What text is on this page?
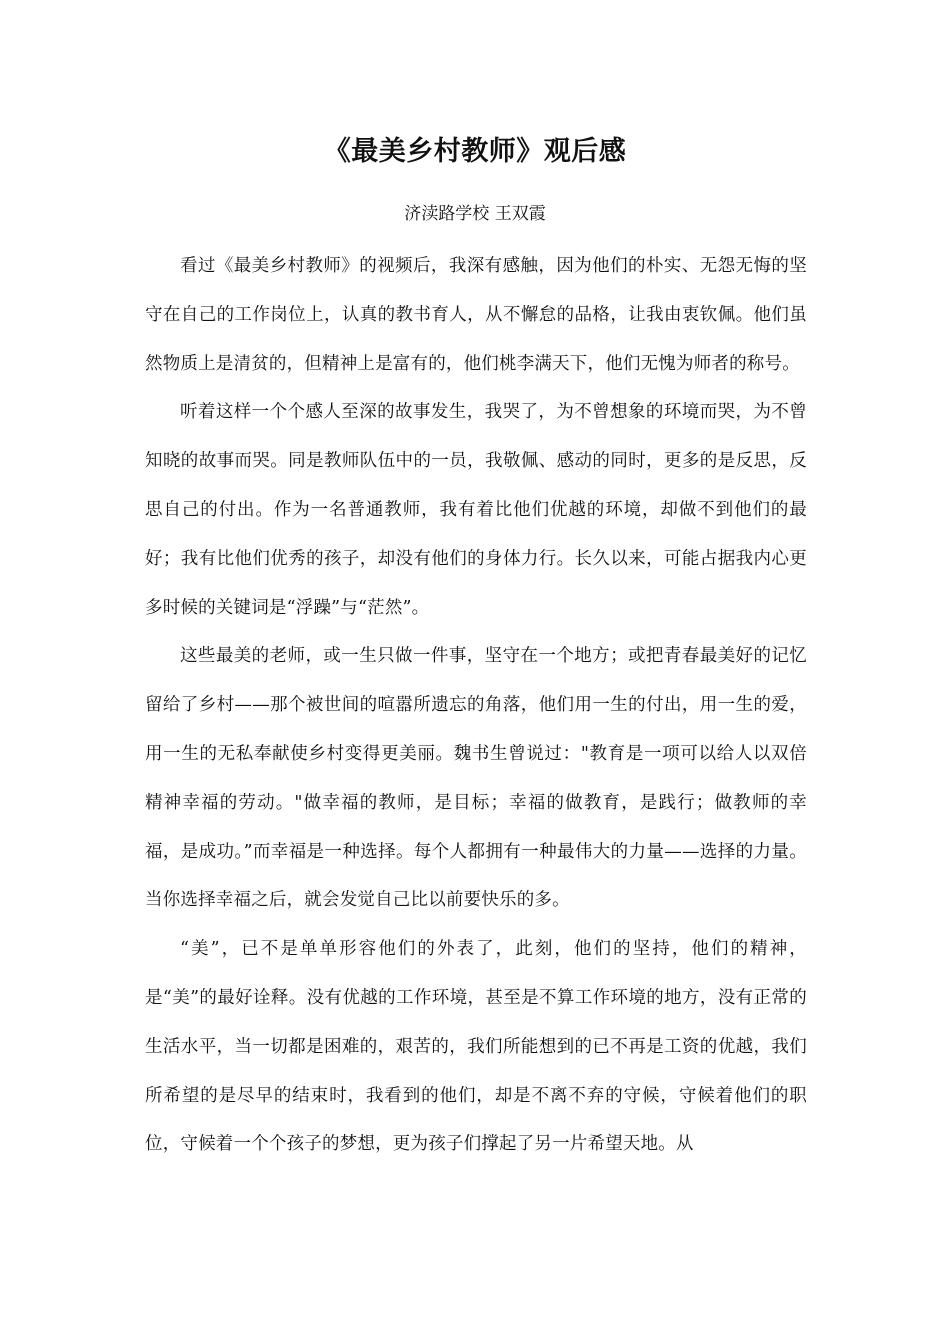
《最美乡村教师》观后感
济渎路学校 王双霞

看过《最美乡村教师》的视频后，我深有感触，因为他们的朴实、无怨无悔的坚守在自己的工作岗位上，认真的教书育人，从不懈怠的品格，让我由衷钦佩。他们虽然物质上是清贫的，但精神上是富有的，他们桃李满天下，他们无愧为师者的称号。

听着这样一个个感人至深的故事发生，我哭了，为不曾想象的环境而哭，为不曾知晓的故事而哭。同是教师队伍中的一员，我敬佩、感动的同时，更多的是反思，反思自己的付出。作为一名普通教师，我有着比他们优越的环境，却做不到他们的最好；我有比他们优秀的孩子，却没有他们的身体力行。长久以来，可能占据我内心更多时候的关键词是“浮躁”与“茫然”。

这些最美的老师，或一生只做一件事，坚守在一个地方；或把青春最美好的记忆留给了乡村——那个被世间的喧嚣所遗忘的角落，他们用一生的付出，用一生的爱，用一生的无私奉献使乡村变得更美丽。魏书生曾说过："教育是一项可以给人以双倍精神幸福的劳动。"做幸福的教师，是目标；幸福的做教育，是践行；做教师的幸福，是成功。”而幸福是一种选择。每个人都拥有一种最伟大的力量——选择的力量。当你选择幸福之后，就会发觉自己比以前要快乐的多。

“美”，已不是单单形容他们的外表了，此刻，他们的坚持，他们的精神，是“美”的最好诠释。没有优越的工作环境，甚至是不算工作环境的地方，没有正常的生活水平，当一切都是困难的，艰苦的，我们所能想到的已不再是工资的优越，我们所希望的是尽早的结束时，我看到的他们，却是不离不弃的守候，守候着他们的职位，守候着一个个孩子的梦想，更为孩子们撑起了另一片希望天地。从
